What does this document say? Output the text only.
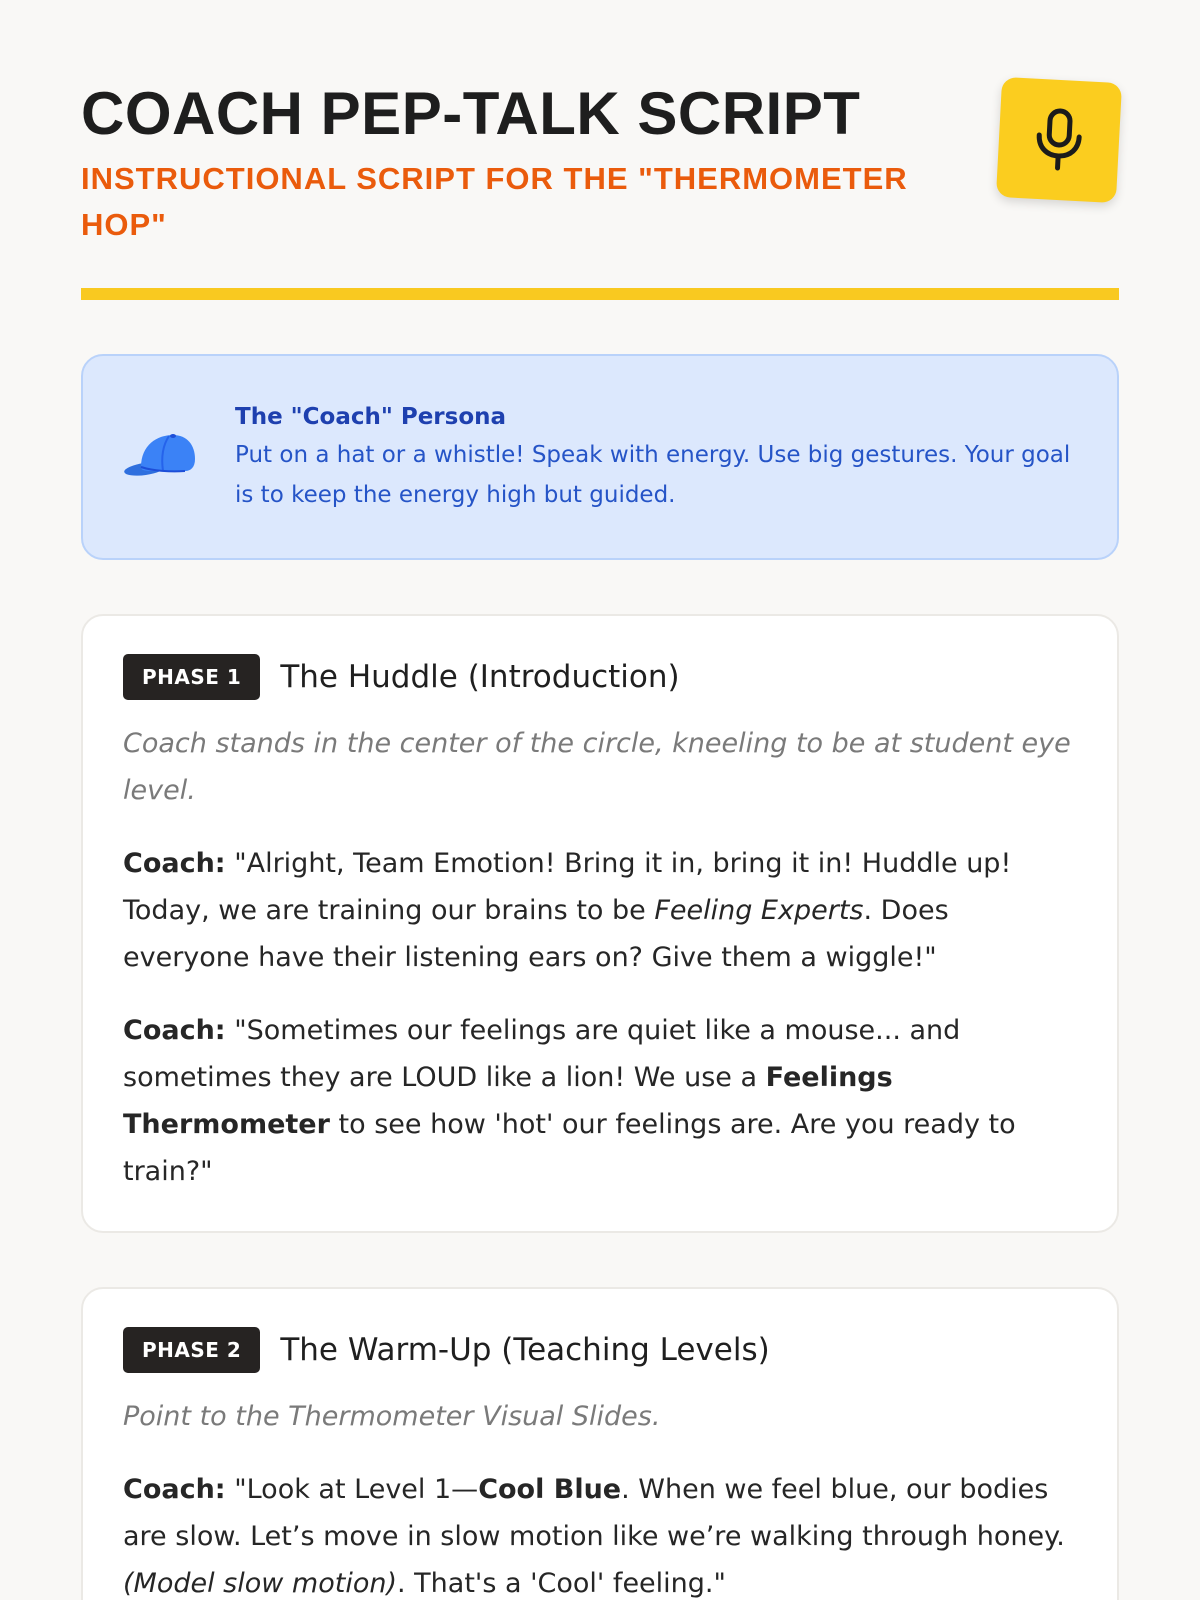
COACH PEP-TALK SCRIPT
INSTRUCTIONAL SCRIPT FOR THE "THERMOMETER HOP"
The "Coach" Persona
Put on a hat or a whistle! Speak with energy. Use big gestures. Your goal is to keep the energy high but guided.
PHASE 1	The Huddle (Introduction)

Coach stands in the center of the circle, kneeling to be at student eye level.

Coach: "Alright, Team Emotion! Bring it in, bring it in! Huddle up! Today, we are training our brains to be Feeling Experts. Does everyone have their listening ears on? Give them a wiggle!"

Coach: "Sometimes our feelings are quiet like a mouse... and sometimes they are LOUD like a lion! We use a Feelings Thermometer to see how 'hot' our feelings are. Are you ready to train?"

PHASE 2	The Warm-Up (Teaching Levels)

Point to the Thermometer Visual Slides.

Coach: "Look at Level 1—Cool Blue. When we feel blue, our bodies are slow. Let’s move in slow motion like we’re walking through honey. (Model slow motion). That's a 'Cool' feeling."
